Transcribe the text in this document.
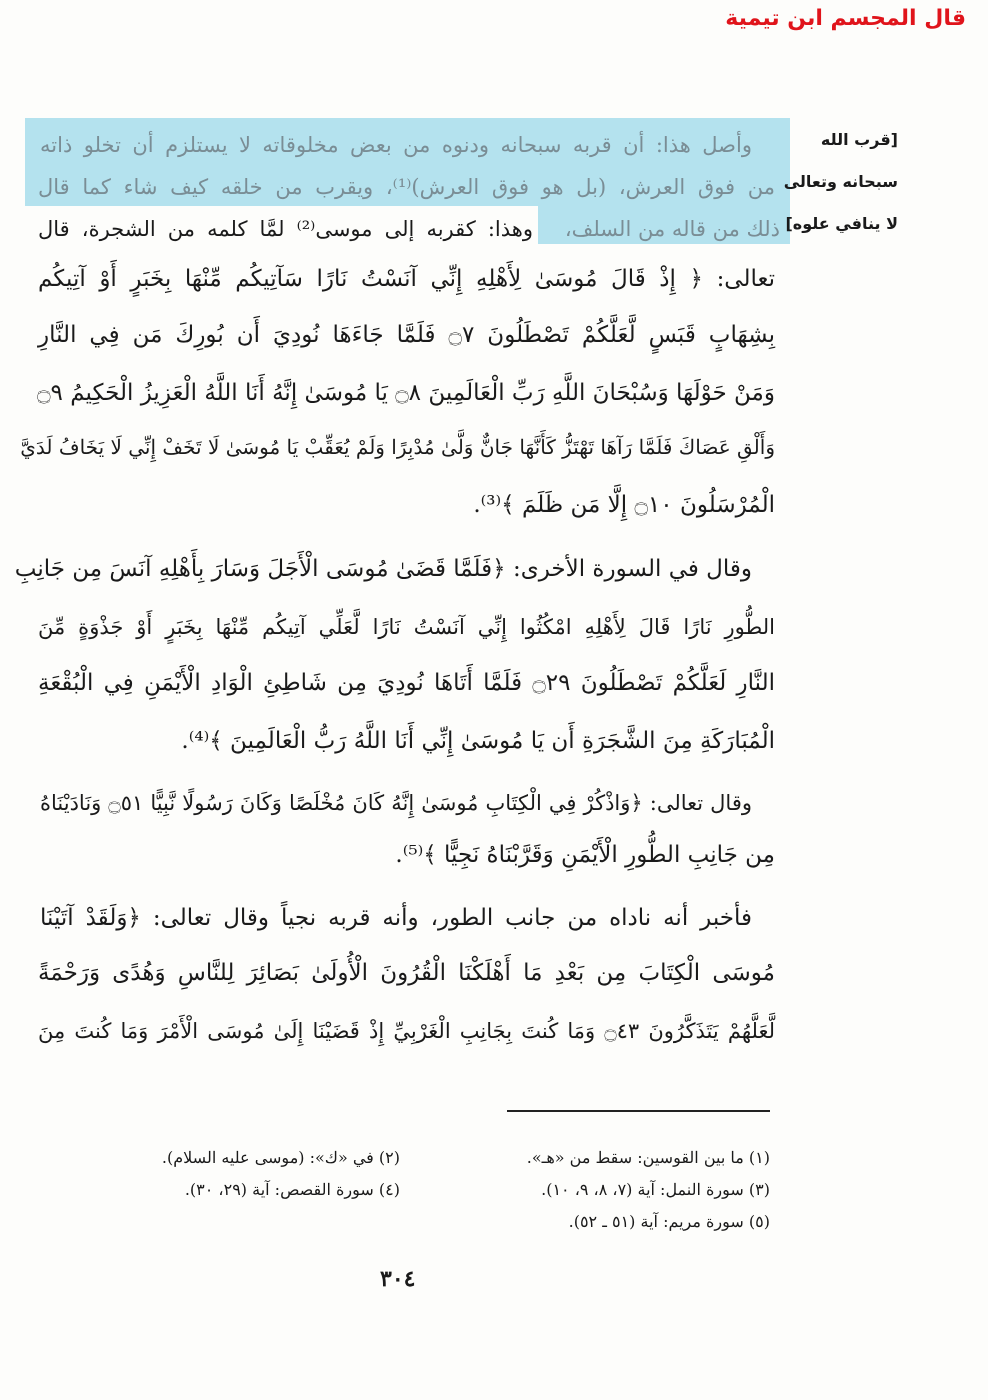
قال المجسم ابن تيمية
[قرب الله
سبحانه وتعالى
لا ينافي علوه]
وأصل هذا: أن قربه سبحانه ودنوه من بعض مخلوقاته لا يستلزم أن تخلو ذاته
من فوق العرش، (بل هو فوق العرش)⁽¹⁾، ويقرب من خلقه كيف شاء كما قال
ذلك من قاله من السلف،
وهذا: كقربه إلى موسى⁽²⁾ لمَّا كلمه من الشجرة، قال
تعالى: ﴿ إِذْ قَالَ مُوسَىٰ لِأَهْلِهِ إِنِّي آنَسْتُ نَارًا سَآتِيكُم مِّنْهَا بِخَبَرٍ أَوْ آتِيكُم
بِشِهَابٍ قَبَسٍ لَّعَلَّكُمْ تَصْطَلُونَ ۝٧ فَلَمَّا جَاءَهَا نُودِيَ أَن بُورِكَ مَن فِي النَّارِ
وَمَنْ حَوْلَهَا وَسُبْحَانَ اللَّهِ رَبِّ الْعَالَمِينَ ۝٨ يَا مُوسَىٰ إِنَّهُ أَنَا اللَّهُ الْعَزِيزُ الْحَكِيمُ ۝٩
وَأَلْقِ عَصَاكَ فَلَمَّا رَآهَا تَهْتَزُّ كَأَنَّهَا جَانٌّ وَلَّىٰ مُدْبِرًا وَلَمْ يُعَقِّبْ يَا مُوسَىٰ لَا تَخَفْ إِنِّي لَا يَخَافُ لَدَيَّ
الْمُرْسَلُونَ ۝١٠ إِلَّا مَن ظَلَمَ ﴾⁽³⁾.
وقال في السورة الأخرى: ﴿فَلَمَّا قَضَىٰ مُوسَى الْأَجَلَ وَسَارَ بِأَهْلِهِ آنَسَ مِن جَانِبِ
الطُّورِ نَارًا قَالَ لِأَهْلِهِ امْكُثُوا إِنِّي آنَسْتُ نَارًا لَّعَلِّي آتِيكُم مِّنْهَا بِخَبَرٍ أَوْ جَذْوَةٍ مِّنَ
النَّارِ لَعَلَّكُمْ تَصْطَلُونَ ۝٢٩ فَلَمَّا أَتَاهَا نُودِيَ مِن شَاطِئِ الْوَادِ الْأَيْمَنِ فِي الْبُقْعَةِ
الْمُبَارَكَةِ مِنَ الشَّجَرَةِ أَن يَا مُوسَىٰ إِنِّي أَنَا اللَّهُ رَبُّ الْعَالَمِينَ ﴾⁽⁴⁾.
وقال تعالى: ﴿وَاذْكُرْ فِي الْكِتَابِ مُوسَىٰ إِنَّهُ كَانَ مُخْلَصًا وَكَانَ رَسُولًا نَّبِيًّا ۝٥١ وَنَادَيْنَاهُ
مِن جَانِبِ الطُّورِ الْأَيْمَنِ وَقَرَّبْنَاهُ نَجِيًّا ﴾⁽⁵⁾.
فأخبر أنه ناداه من جانب الطور، وأنه قربه نجياً وقال تعالى: ﴿وَلَقَدْ آتَيْنَا
مُوسَى الْكِتَابَ مِن بَعْدِ مَا أَهْلَكْنَا الْقُرُونَ الْأُولَىٰ بَصَائِرَ لِلنَّاسِ وَهُدًى وَرَحْمَةً
لَّعَلَّهُمْ يَتَذَكَّرُونَ ۝٤٣ وَمَا كُنتَ بِجَانِبِ الْغَرْبِيِّ إِذْ قَضَيْنَا إِلَىٰ مُوسَى الْأَمْرَ وَمَا كُنتَ مِنَ
(١) ما بين القوسين: سقط من «هـ».
(٢) في «ك»: (موسى عليه السلام).
(٣) سورة النمل: آية (٧، ٨، ٩، ١٠).
(٤) سورة القصص: آية (٢٩، ٣٠).
(٥) سورة مريم: آية (٥١ ـ ٥٢).
٣٠٤
